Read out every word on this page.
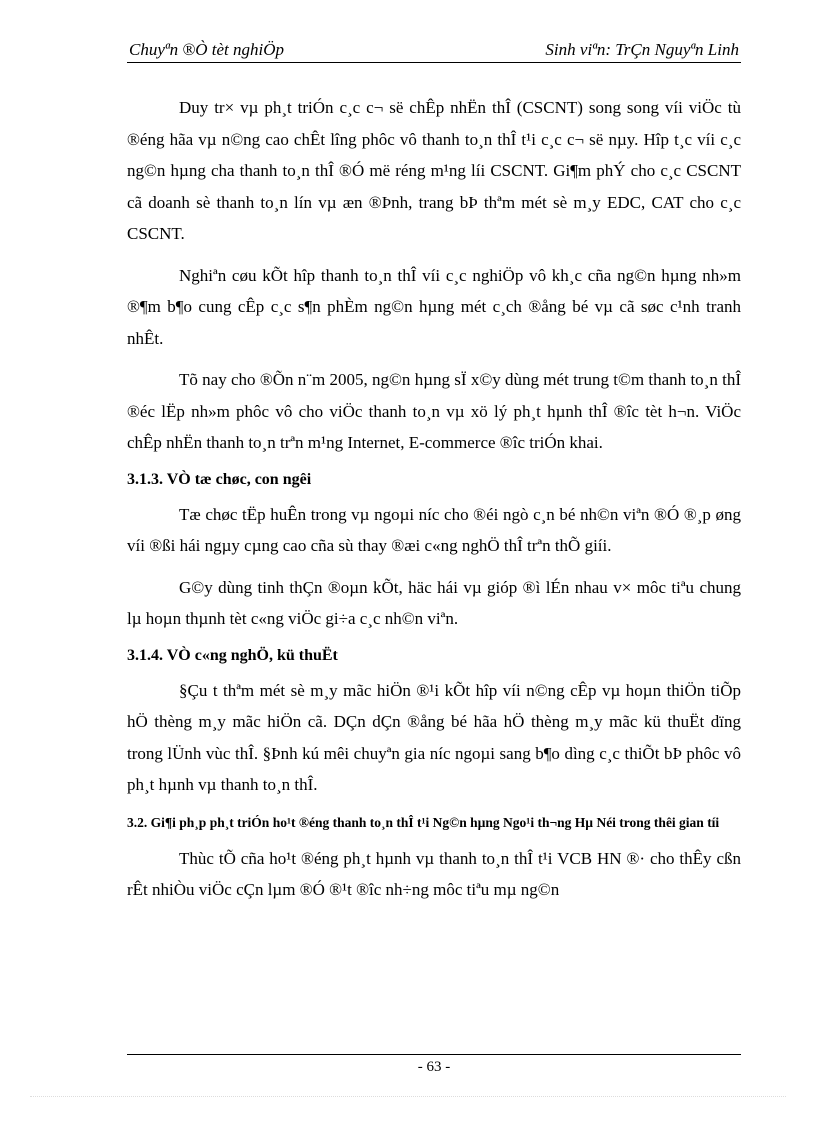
Chuyªn ®Ò tèt nghiÖp	Sinh viªn: TrÇn Nguyªn Linh

Duy tr× vµ ph¸t triÓn c¸c c¬ së chÊp nhËn thÎ (CSCNT) song song víi viÖc tù ®éng hãa vµ n©ng cao chÊt lîng phôc vô thanh to¸n thÎ t¹i c¸c c¬ së nµy. Hîp t¸c víi c¸c ng©n hµng cha thanh to¸n thÎ ®Ó më réng m¹ng líi CSCNT. Gi¶m phÝ cho c¸c CSCNT cã doanh sè thanh to¸n lín vµ æn ®Þnh, trang bÞ thªm mét sè m¸y EDC, CAT cho c¸c CSCNT.

Nghiªn cøu kÕt hîp thanh to¸n thÎ víi c¸c nghiÖp vô kh¸c cña ng©n hµng nh»m ®¶m b¶o cung cÊp c¸c s¶n phÈm ng©n hµng mét c¸ch ®ång bé vµ cã søc c¹nh tranh nhÊt.

Tõ nay cho ®Õn n¨m 2005, ng©n hµng sÏ x©y dùng mét trung t©m thanh to¸n thÎ ®éc lËp nh»m phôc vô cho viÖc thanh to¸n vµ xö lý ph¸t hµnh thÎ ®îc tèt h¬n. ViÖc chÊp nhËn thanh to¸n trªn m¹ng Internet, E-commerce ®îc triÓn khai.

3.1.3. VÒ tæ chøc, con ngêi

Tæ chøc tËp huÊn trong vµ ngoµi níc cho ®éi ngò c¸n bé nh©n viªn ®Ó ®¸p øng víi ®ßi hái ngµy cµng cao cña sù thay ®æi c«ng nghÖ thÎ trªn thÕ giíi.

G©y dùng tinh thÇn ®oµn kÕt, häc hái vµ gióp ®ì lÉn nhau v× môc tiªu chung lµ hoµn thµnh tèt c«ng viÖc gi÷a c¸c nh©n viªn.

3.1.4. VÒ c«ng nghÖ, kü thuËt

§Çu t thªm mét sè m¸y mãc hiÖn ®¹i kÕt hîp víi n©ng cÊp vµ hoµn thiÖn tiÕp hÖ thèng m¸y mãc hiÖn cã. DÇn dÇn ®ång bé hãa hÖ thèng m¸y mãc kü thuËt dïng trong lÜnh vùc thÎ. §Þnh kú mêi chuyªn gia níc ngoµi sang b¶o dìng c¸c thiÕt bÞ phôc vô ph¸t hµnh vµ thanh to¸n thÎ.

3.2. Gi¶i ph¸p ph¸t triÓn ho¹t ®éng thanh to¸n thÎ t¹i Ng©n hµng Ngo¹i th¬ng Hµ Néi trong thêi gian tíi

Thùc tÕ cña ho¹t ®éng ph¸t hµnh vµ thanh to¸n thÎ t¹i VCB HN ®· cho thÊy cßn rÊt nhiÒu viÖc cÇn lµm ®Ó ®¹t ®îc nh÷ng môc tiªu mµ ng©n

- 63 -
